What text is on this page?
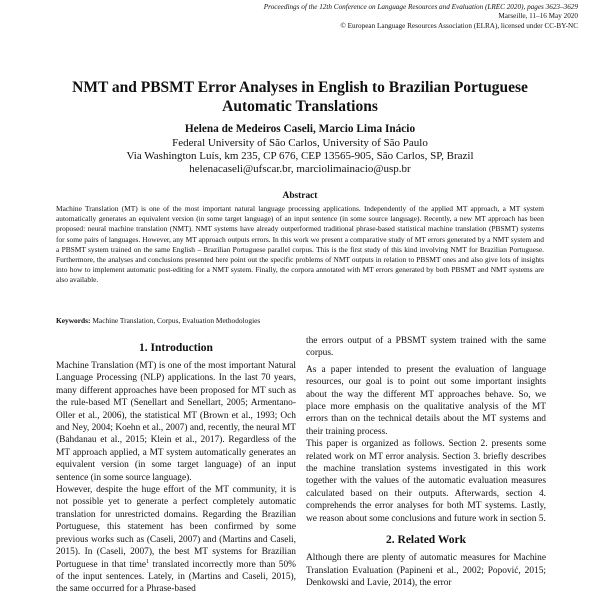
Proceedings of the 12th Conference on Language Resources and Evaluation (LREC 2020), pages 3623–3629
Marseille, 11–16 May 2020
© European Language Resources Association (ELRA), licensed under CC-BY-NC
NMT and PBSMT Error Analyses in English to Brazilian Portuguese
Automatic Translations
Helena de Medeiros Caseli, Marcio Lima Inácio
Federal University of São Carlos, University of São Paulo
Via Washington Luís, km 235, CP 676, CEP 13565-905, São Carlos, SP, Brazil
helenacaseli@ufscar.br, marciolimainacio@usp.br
Abstract
Machine Translation (MT) is one of the most important natural language processing applications. Independently of the applied MT approach, a MT system automatically generates an equivalent version (in some target language) of an input sentence (in some source language). Recently, a new MT approach has been proposed: neural machine translation (NMT). NMT systems have already outperformed traditional phrase-based statistical machine translation (PBSMT) systems for some pairs of languages. However, any MT approach outputs errors. In this work we present a comparative study of MT errors generated by a NMT system and a PBSMT system trained on the same English – Brazilian Portuguese parallel corpus. This is the first study of this kind involving NMT for Brazilian Portuguese. Furthermore, the analyses and conclusions presented here point out the specific problems of NMT outputs in relation to PBSMT ones and also give lots of insights into how to implement automatic post-editing for a NMT system. Finally, the corpora annotated with MT errors generated by both PBSMT and NMT systems are also available.
Keywords: Machine Translation, Corpus, Evaluation Methodologies
1. Introduction

Machine Translation (MT) is one of the most important Natural Language Processing (NLP) applications. In the last 70 years, many different approaches have been proposed for MT such as the rule-based MT (Senellart and Senellart, 2005; Armentano-Oller et al., 2006), the statistical MT (Brown et al., 1993; Och and Ney, 2004; Koehn et al., 2007) and, recently, the neural MT (Bahdanau et al., 2015; Klein et al., 2017). Regardless of the MT approach applied, a MT system automatically generates an equivalent version (in some target language) of an input sentence (in some source language).

However, despite the huge effort of the MT community, it is not possible yet to generate a perfect completely automatic translation for unrestricted domains. Regarding the Brazilian Portuguese, this statement has been confirmed by some previous works such as (Caseli, 2007) and (Martins and Caseli, 2015). In (Caseli, 2007), the best MT systems for Brazilian Portuguese in that time$^1$ translated incorrectly more than 50% of the input sentences. Lately, in (Martins and Caseli, 2015), the same occurred for a Phrase-based

the errors output of a PBSMT system trained with the same corpus.

As a paper intended to present the evaluation of language resources, our goal is to point out some important insights about the way the different MT approaches behave. So, we place more emphasis on the qualitative analysis of the MT errors than on the technical details about the MT systems and their training process.

This paper is organized as follows. Section 2. presents some related work on MT error analysis. Section 3. briefly describes the machine translation systems investigated in this work together with the values of the automatic evaluation measures calculated based on their outputs. Afterwards, section 4. comprehends the error analyses for both MT systems. Lastly, we reason about some conclusions and future work in section 5.

2. Related Work

Although there are plenty of automatic measures for Machine Translation Evaluation (Papineni et al., 2002; Popović, 2015; Denkowski and Lavie, 2014), the error
